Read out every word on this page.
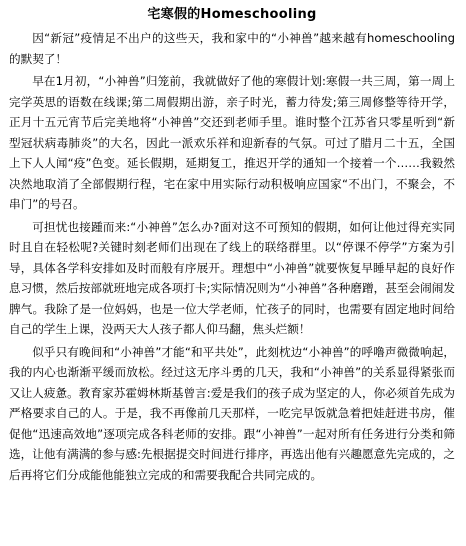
宅寒假的Homeschooling

因“新冠”疫情足不出户的这些天，我和家中的“小神兽”越来越有homeschooling的默契了！

早在1月初，“小神兽”归笼前，我就做好了他的寒假计划:寒假一共三周，第一周上完学英思的语数在线课;第二周假期出游，亲子时光，蓄力待发;第三周修整等待开学，正月十五元宵节后完美地将“小神兽”交还到老师手里。谁时整个江苏省只零星听到“新型冠状病毒肺炎”的大名，因此一派欢乐祥和迎新春的气氛。可过了腊月二十五，全国上下人人闻“疫”色变。延长假期，延期复工，推迟开学的通知一个接着一个……我毅然决然地取消了全部假期行程，宅在家中用实际行动积极响应国家“不出门，不聚会，不串门”的号召。

可担忧也接踵而来:“小神兽”怎么办?面对这不可预知的假期，如何让他过得充实同时且自在轻松呢?关键时刻老师们出现在了线上的联络群里。以“停课不停学”方案为引导，具体各学科安排如及时而般有序展开。理想中“小神兽”就要恢复早睡早起的良好作息习惯，然后按部就班地完成各项打卡;实际情况则为“小神兽”各种磨蹭，甚至会闹闹发脾气。我除了是一位妈妈，也是一位大学老师，忙孩子的同时，也需要有固定地时间给自己的学生上课，没两天大人孩子都人仰马翻，焦头烂额！

似乎只有晚间和“小神兽”才能“和平共处”，此刻枕边“小神兽”的呼噜声微微响起，我的内心也渐渐平缓而放松。经过这无序斗勇的几天，我和“小神兽”的关系显得紧张而又让人疲惫。教育家苏霍姆林斯基曾言:爱是我们的孩子成为坚定的人，你必须首先成为严格要求自己的人。于是，我不再像前几天那样，一吃完早饭就急着把娃赶进书房，催促他“迅速高效地”逐项完成各科老师的安排。跟“小神兽”一起对所有任务进行分类和筛选，让他有满满的参与感:先根据提交时间进行排序，再选出他有兴趣愿意先完成的，之后再将它们分成能他能独立完成的和需要我配合共同完成的。
